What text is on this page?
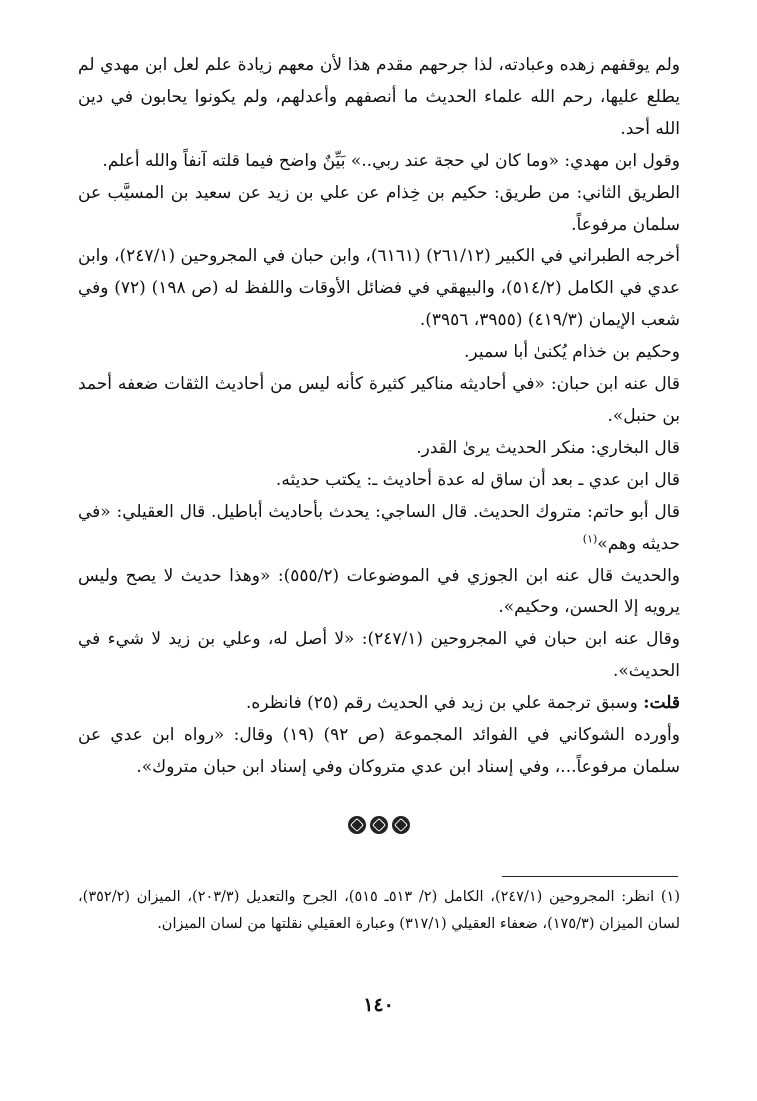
ولم يوقفهم زهده وعبادته، لذا جرحهم مقدم هذا لأن معهم زيادة علم لعل ابن مهدي لم يطلع عليها، رحم الله علماء الحديث ما أنصفهم وأعدلهم، ولم يكونوا يحابون في دين الله أحد.

وقول ابن مهدي: «وما كان لي حجة عند ربي..» بَيِّنٌ واضح فيما قلته آنفاً والله أعلم.

الطريق الثاني: من طريق: حكيم بن خِذام عن علي بن زيد عن سعيد بن المسيَّب عن سلمان مرفوعاً.

أخرجه الطبراني في الكبير (٢٦١/١٢) (٦١٦١)، وابن حبان في المجروحين (٢٤٧/١)، وابن عدي في الكامل (٥١٤/٢)، والبيهقي في فضائل الأوقات واللفظ له (ص ١٩٨) (٧٢) وفي شعب الإيمان (٤١٩/٣) (٣٩٥٥، ٣٩٥٦).

وحكيم بن خذام يُكنىٰ أبا سمير.

قال عنه ابن حبان: «في أحاديثه مناكير كثيرة كأنه ليس من أحاديث الثقات ضعفه أحمد بن حنبل».

قال البخاري: منكر الحديث يرىٰ القدر.

قال ابن عدي ـ بعد أن ساق له عدة أحاديث ـ: يكتب حديثه.

قال أبو حاتم: متروك الحديث. قال الساجي: يحدث بأحاديث أباطيل. قال العقيلي: «في حديثه وهم»$^{(١)}$

والحديث قال عنه ابن الجوزي في الموضوعات (٥٥٥/٢): «وهذا حديث لا يصح وليس يرويه إلا الحسن، وحكيم».

وقال عنه ابن حبان في المجروحين (٢٤٧/١): «لا أصل له، وعلي بن زيد لا شيء في الحديث».

قلت: وسبق ترجمة علي بن زيد في الحديث رقم (٢٥) فانظره.

وأورده الشوكاني في الفوائد المجموعة (ص ٩٢) (١٩) وقال: «رواه ابن عدي عن سلمان مرفوعاً...، وفي إسناد ابن عدي متروكان وفي إسناد ابن حبان متروك».

(١) انظر: المجروحين (٢٤٧/١)، الكامل (٢/ ٥١٣ـ ٥١٥)، الجرح والتعديل (٢٠٣/٣)، الميزان (٣٥٢/٢)، لسان الميزان (١٧٥/٣)، ضعفاء العقيلي (٣١٧/١) وعبارة العقيلي نقلتها من لسان الميزان.
١٤٠
